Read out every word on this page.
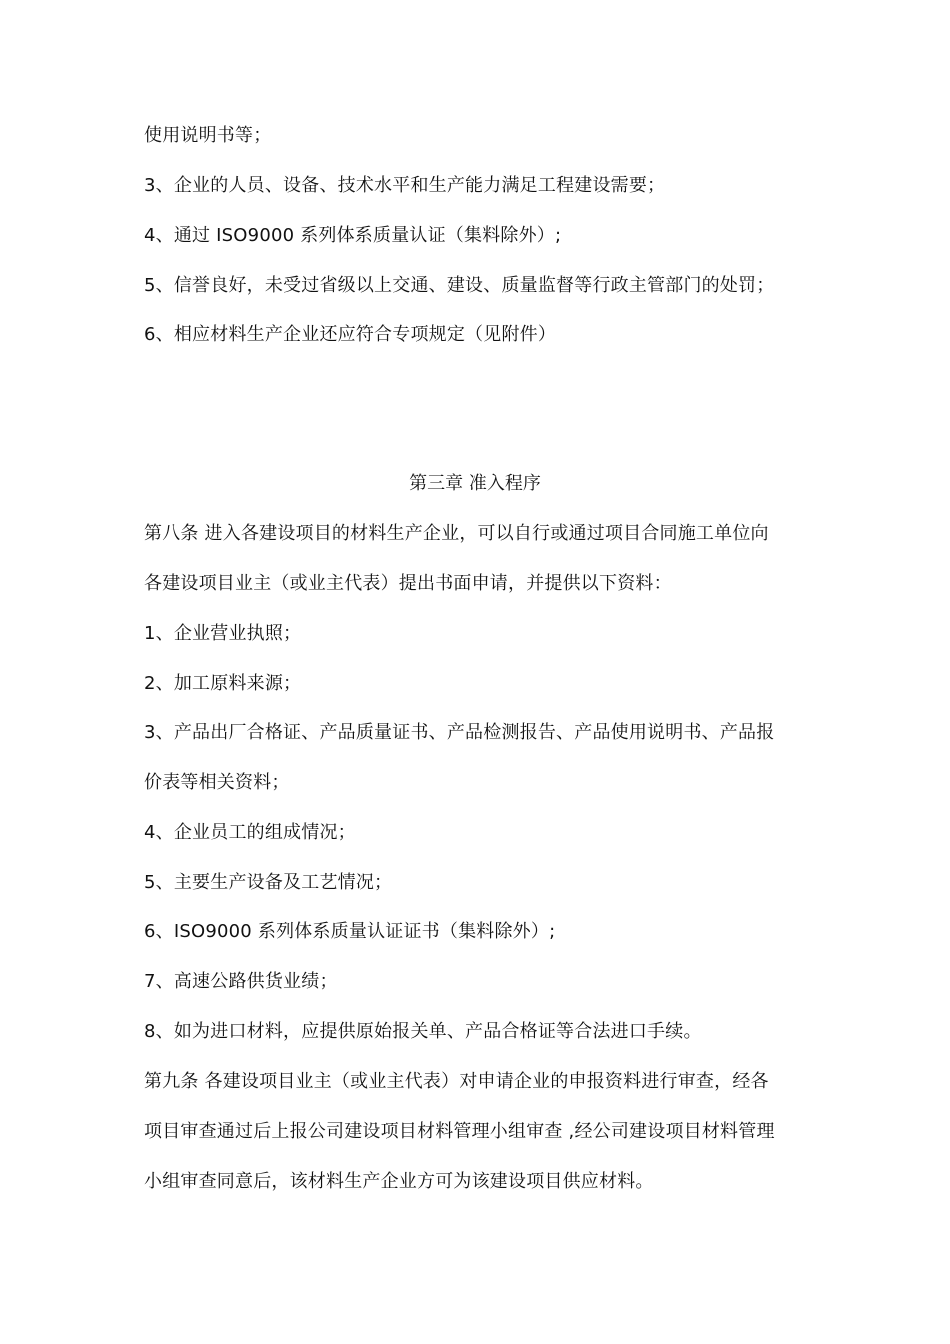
使用说明书等；
3、企业的人员、设备、技术水平和生产能力满足工程建设需要；
4、通过 ISO9000 系列体系质量认证（集料除外）;
5、信誉良好，未受过省级以上交通、建设、质量监督等行政主管部门的处罚；
6、相应材料生产企业还应符合专项规定（见附件）
第三章 准入程序
第八条 进入各建设项目的材料生产企业，可以自行或通过项目合同施工单位向
各建设项目业主（或业主代表）提出书面申请，并提供以下资料：
1、企业营业执照；
2、加工原料来源；
3、产品出厂合格证、产品质量证书、产品检测报告、产品使用说明书、产品报
价表等相关资料；
4、企业员工的组成情况；
5、主要生产设备及工艺情况；
6、ISO9000 系列体系质量认证证书（集料除外）;
7、高速公路供货业绩；
8、如为进口材料，应提供原始报关单、产品合格证等合法进口手续。
第九条 各建设项目业主（或业主代表）对申请企业的申报资料进行审查，经各
项目审查通过后上报公司建设项目材料管理小组审查 ,经公司建设项目材料管理
小组审查同意后，该材料生产企业方可为该建设项目供应材料。
